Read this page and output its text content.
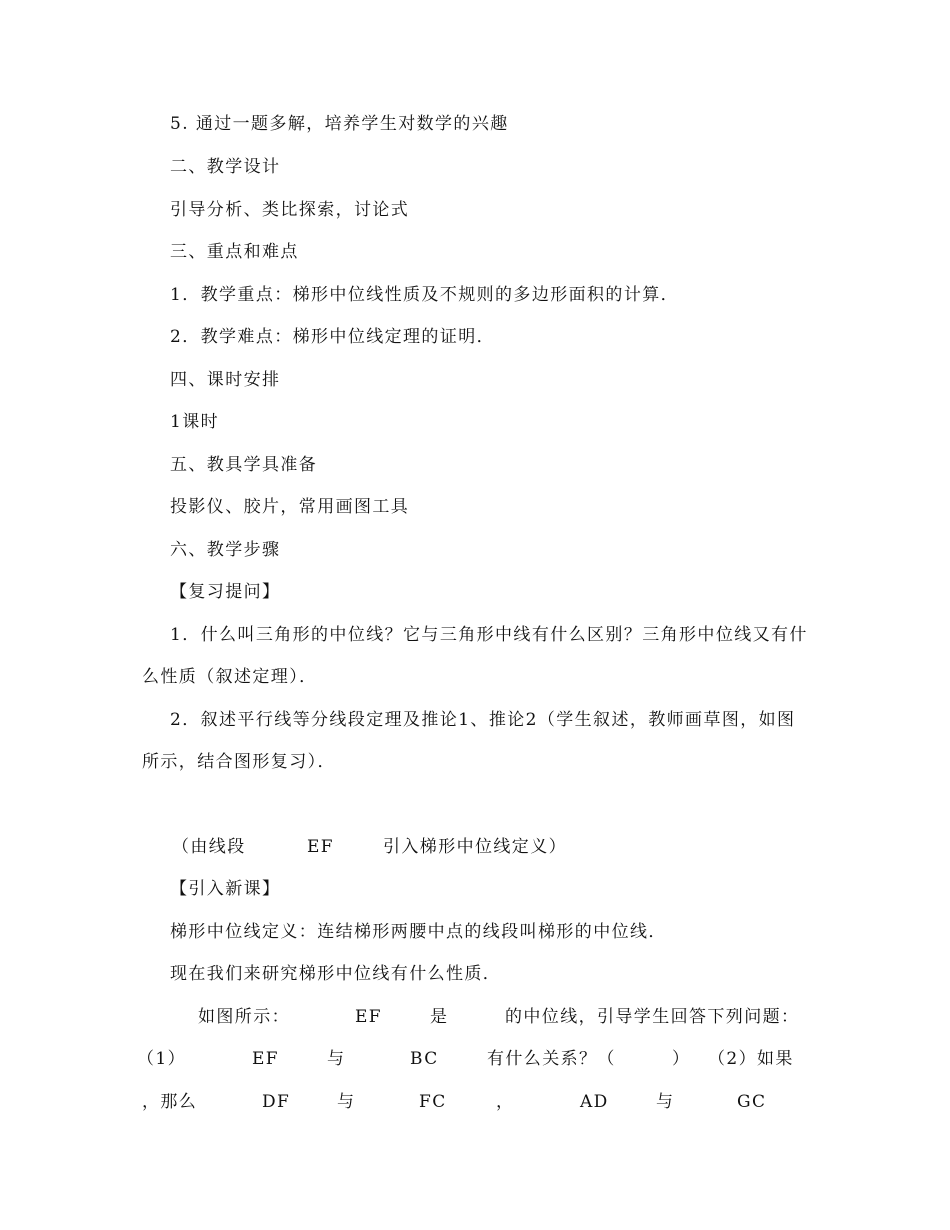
5. 通过一题多解，培养学生对数学的兴趣

二、教学设计

引导分析、类比探索，讨论式

三、重点和难点

1．教学重点：梯形中位线性质及不规则的多边形面积的计算．

2．教学难点：梯形中位线定理的证明．

四、课时安排

1课时

五、教具学具准备

投影仪、胶片，常用画图工具

六、教学步骤

【复习提问】

1．什么叫三角形的中位线？它与三角形中线有什么区别？三角形中位线又有什

么性质（叙述定理）．

2．叙述平行线等分线段定理及推论1、推论2（学生叙述，教师画草图，如图

所示，结合图形复习）．

（由线段	EF	引入梯形中位线定义）

【引入新课】

梯形中位线定义：连结梯形两腰中点的线段叫梯形的中位线．

现在我们来研究梯形中位线有什么性质．

如图所示：	EF	是	的中位线，引导学生回答下列问题：
（1）	EF	与	BC	有什么关系？（	） （2）如果
，那么	DF	与	FC	，	AD	与	GC
